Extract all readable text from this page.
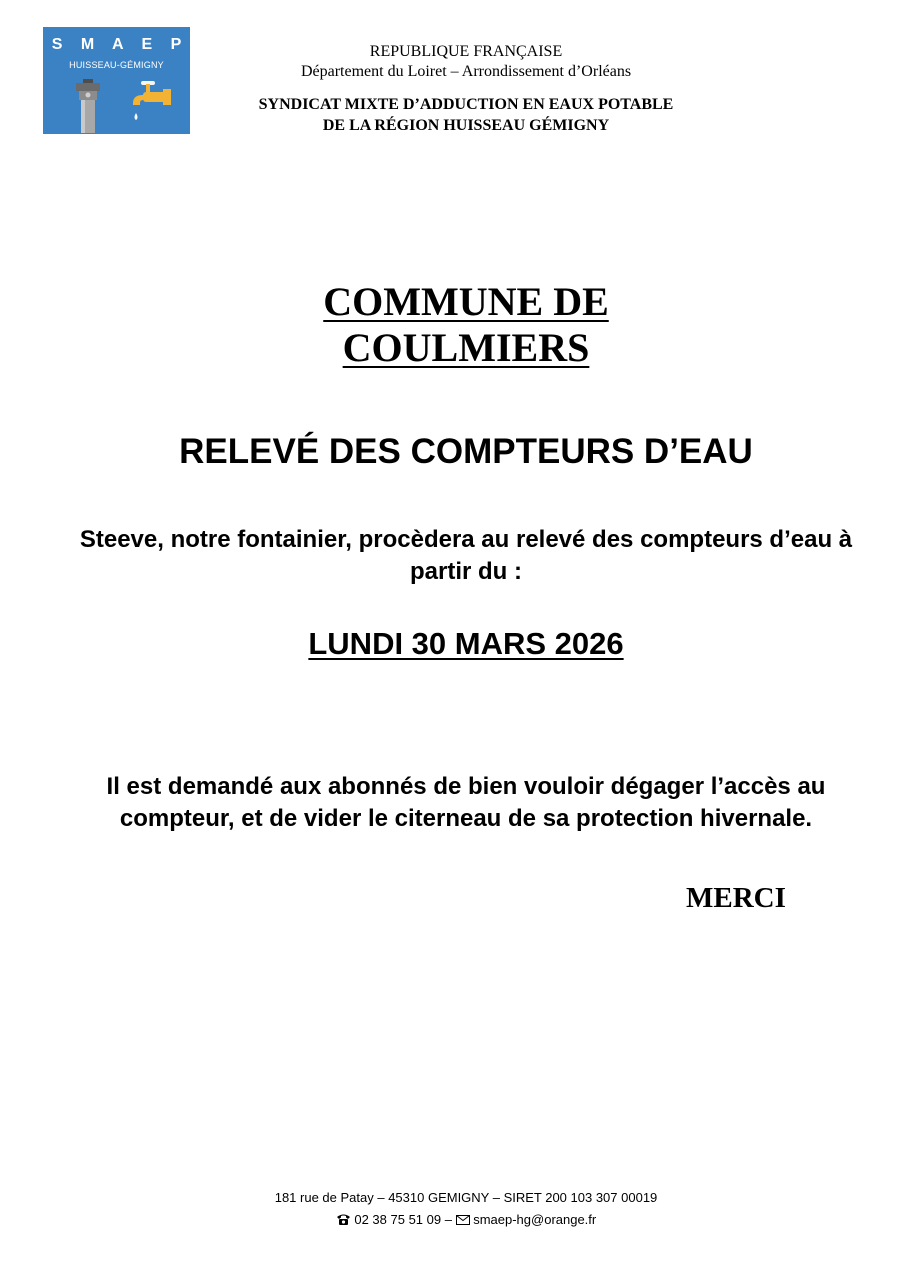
S M A E P
HUISSEAU-GÉMIGNY
REPUBLIQUE FRANÇAISE
Département du Loiret – Arrondissement d’Orléans
SYNDICAT MIXTE D’ADDUCTION EN EAUX POTABLE
DE LA RÉGION HUISSEAU GÉMIGNY
COMMUNE DE
COULMIERS
RELEVÉ DES COMPTEURS D’EAU
Steeve, notre fontainier, procèdera au relevé des compteurs d’eau à partir du :
LUNDI 30 MARS 2026
Il est demandé aux abonnés de bien vouloir dégager l’accès au compteur, et de vider le citerneau de sa protection hivernale.
MERCI
181 rue de Patay – 45310 GEMIGNY – SIRET 200 103 307 00019
02 38 75 51 09 –  smaep-hg@orange.fr
